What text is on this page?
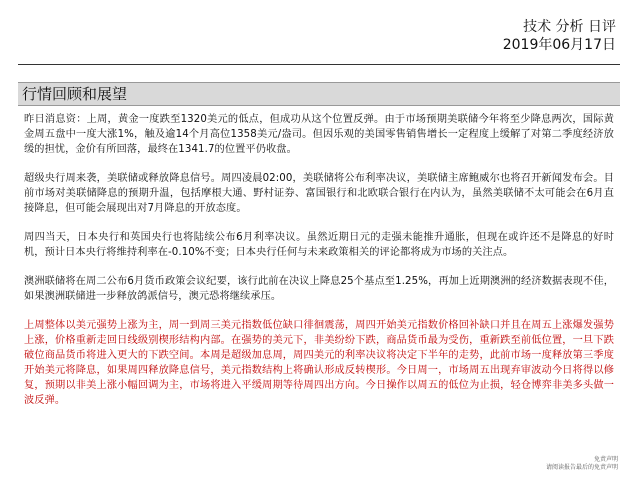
技术 分析 日评
2019年06月17日
行情回顾和展望

昨日消息资：上周，黄金一度跌至1320美元的低点，但成功从这个位置反弹。由于市场预期美联储今年将至少降息两次，国际黄金周五盘中一度大涨1%，触及逾14个月高位1358美元/盎司。但因乐观的美国零售销售增长一定程度上缓解了对第二季度经济放缓的担忧，金价有所回落，最终在1341.7的位置平仍收盘。

超级央行周来袭，美联储或释放降息信号。周四凌晨02:00，美联储将公布利率决议，美联储主席鲍威尔也将召开新闻发布会。目前市场对美联储降息的预期升温，包括摩根大通、野村证券、富国银行和北欧联合银行在内认为，虽然美联储不太可能会在6月直接降息，但可能会展现出对7月降息的开放态度。

周四当天，日本央行和英国央行也将陆续公布6月利率决议。虽然近期日元的走强未能推升通胀，但现在或许还不是降息的好时机，预计日本央行将维持利率在-0.10%不变；日本央行任何与未来政策相关的评论都将成为市场的关注点。

澳洲联储将在周二公布6月货币政策会议纪要，该行此前在决议上降息25个基点至1.25%，再加上近期澳洲的经济数据表现不佳，如果澳洲联储进一步释放鸽派信号，澳元恐将继续承压。

上周整体以美元强势上涨为主，周一到周三美元指数低位缺口徘徊震荡，周四开始美元指数价格回补缺口并且在周五上涨爆发强势上涨，价格重新走回日线级别楔形结构内部。在强势的美元下，非美纷纷下跌，商品货币最为受伤，重新跌至前低位置，一旦下跌破位商品货币将进入更大的下跌空间。本周是超级加息周，周四美元的利率决议将决定下半年的走势，此前市场一度释放第三季度开始美元将降息，如果周四释放降息信号，美元指数结构上将确认形成反转楔形。今日周一，市场周五出现弃审波动今日将得以修复，预期以非美上涨小幅回调为主，市场将进入平缓周期等待周四出方向。今日操作以周五的低位为止损，轻仓博弈非美多头做一波反弹。

免责声明
请阅读报告最后的免责声明
